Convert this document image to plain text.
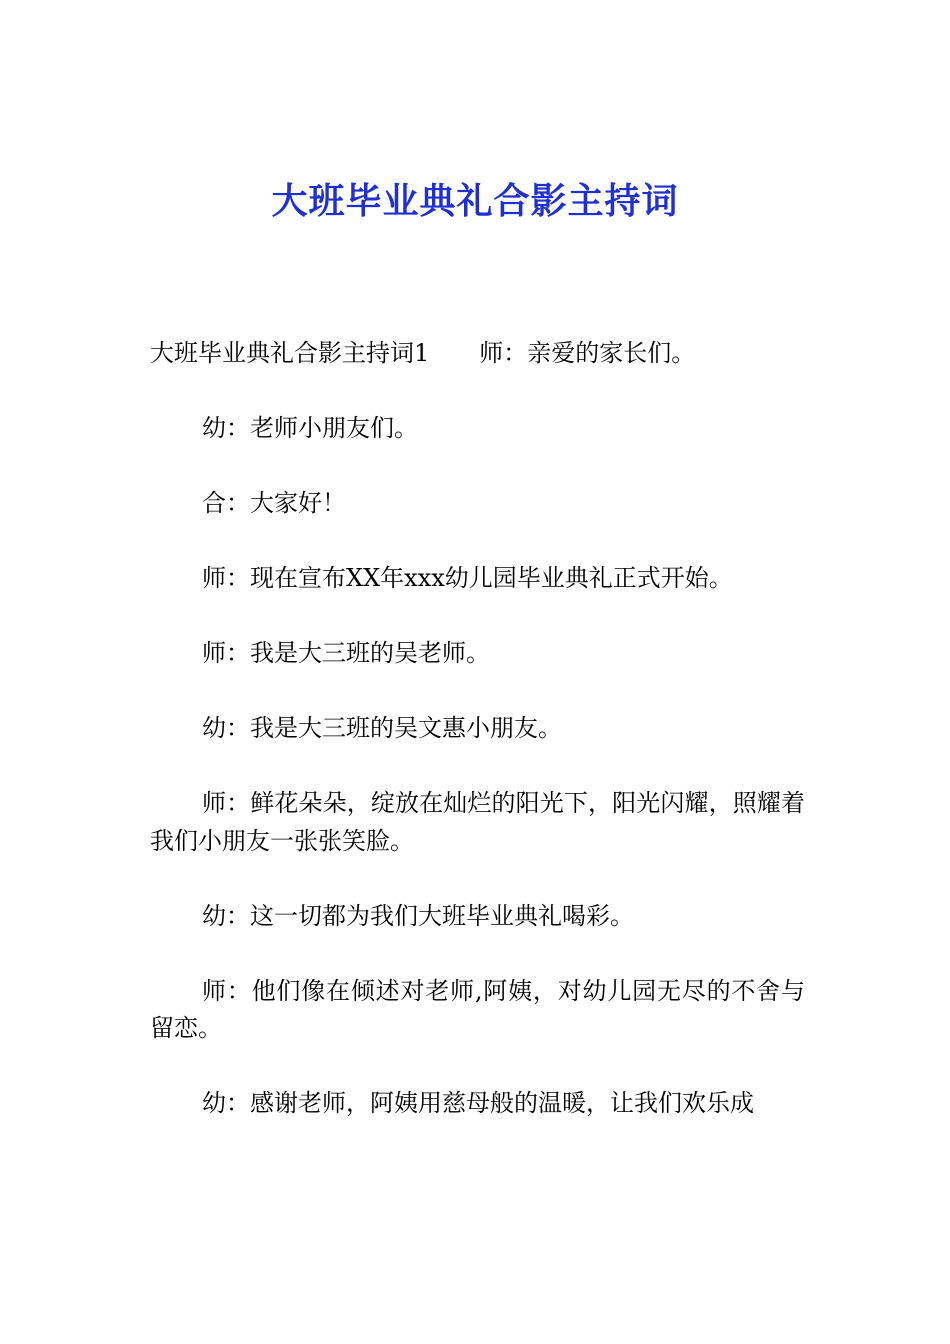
大班毕业典礼合影主持词

大班毕业典礼合影主持词1 师：亲爱的家长们。

幼：老师小朋友们。

合：大家好！

师：现在宣布XX年xxx幼儿园毕业典礼正式开始。

师：我是大三班的吴老师。

幼：我是大三班的吴文惠小朋友。

师：鲜花朵朵，绽放在灿烂的阳光下，阳光闪耀，照耀着我们小朋友一张张笑脸。

幼：这一切都为我们大班毕业典礼喝彩。

师：他们像在倾述对老师,阿姨，对幼儿园无尽的不舍与留恋。

幼：感谢老师，阿姨用慈母般的温暖，让我们欢乐成
